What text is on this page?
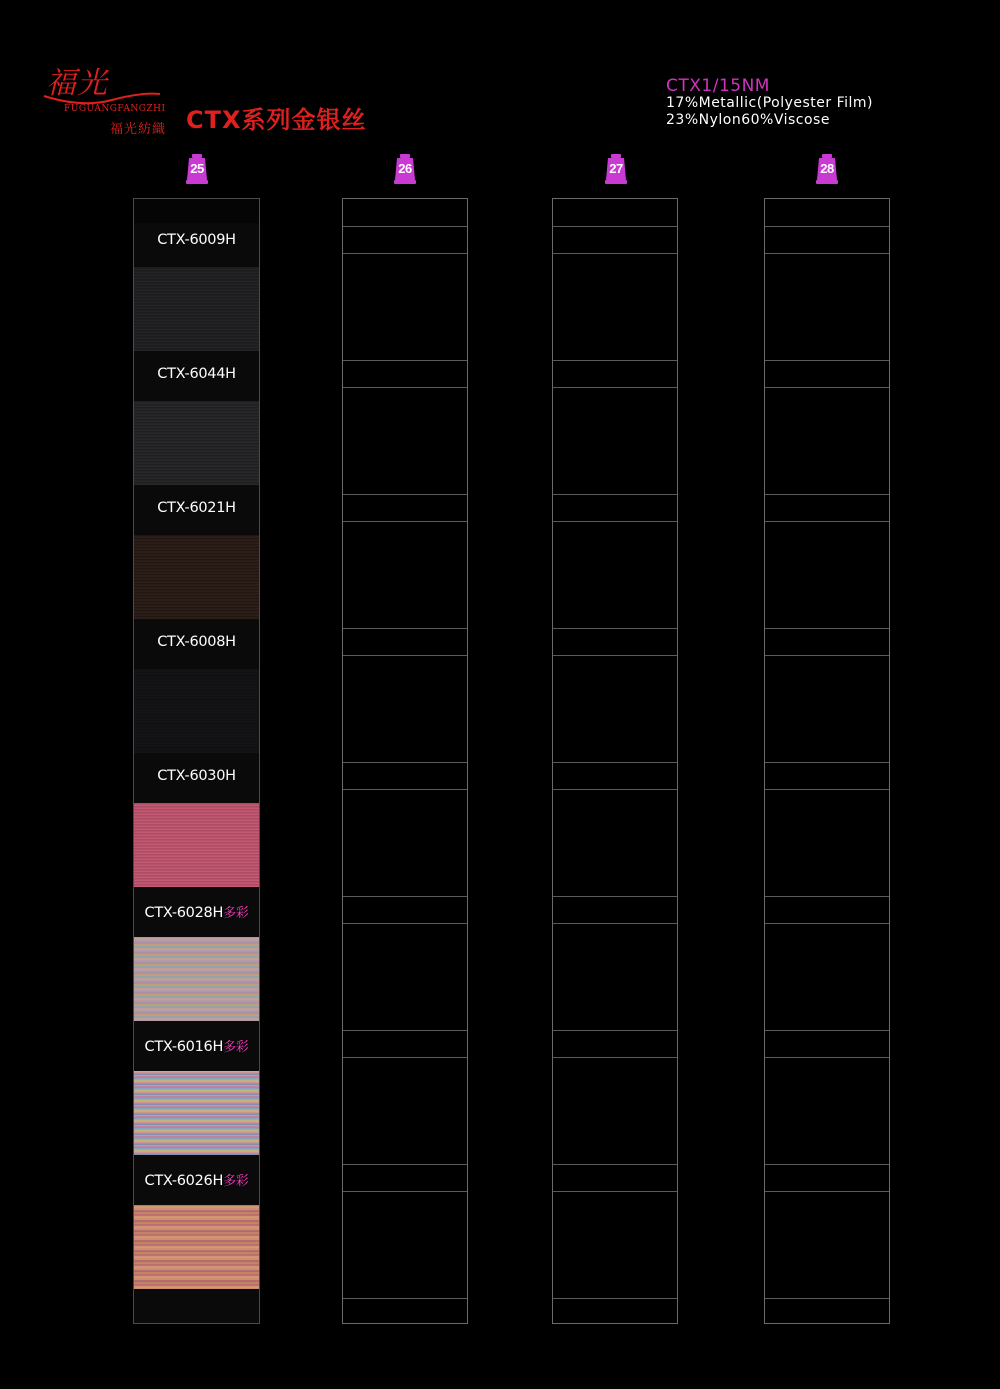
福光
FUGUANGFANGZHI
福光紡織 CTX系列金银丝
CTX1/15NM
17%Metallic(Polyester Film)
23%Nylon60%Viscose
25	26	27	28
CTX-6009H
CTX-6044H
CTX-6021H
CTX-6008H
CTX-6030H
CTX-6028H多彩
CTX-6016H多彩
CTX-6026H多彩
